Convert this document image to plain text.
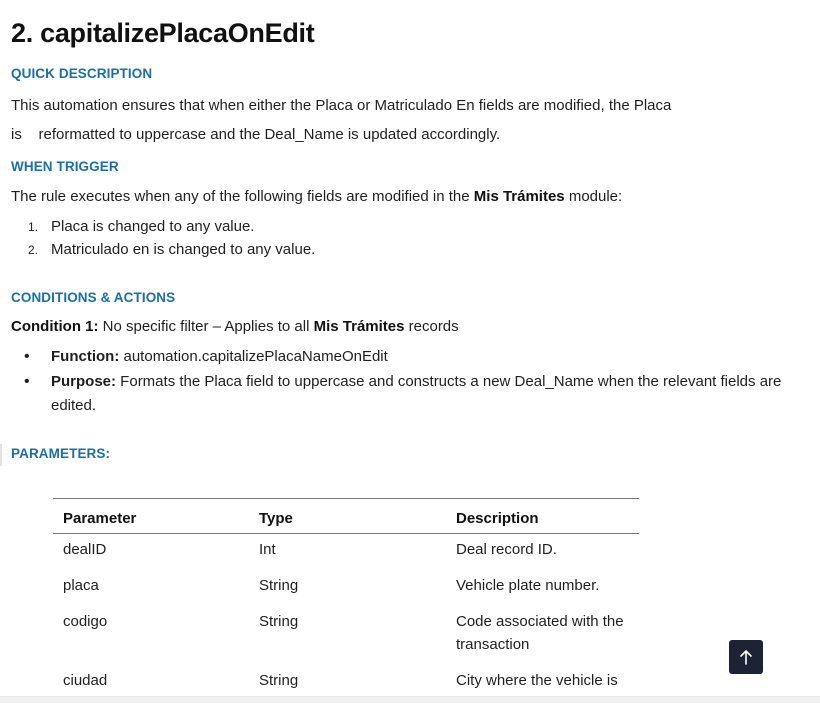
2. capitalizePlacaOnEdit
QUICK DESCRIPTION

This automation ensures that when either the Placa or Matriculado En fields are modified, the Placa

is    reformatted to uppercase and the Deal_Name is updated accordingly.

WHEN TRIGGER

The rule executes when any of the following fields are modified in the Mis Trámites module:

1. Placa is changed to any value.
2. Matriculado en is changed to any value.
CONDITIONS & ACTIONS

Condition 1: No specific filter – Applies to all Mis Trámites records

• Function: automation.capitalizePlacaNameOnEdit
• Purpose: Formats the Placa field to uppercase and constructs a new Deal_Name when the relevant fields are edited.
PARAMETERS:
Parameter	Type	Description
dealID	Int	Deal record ID.
placa	String	Vehicle plate number.
codigo	String	Code associated with the transaction
ciudad	String	City where the vehicle is
